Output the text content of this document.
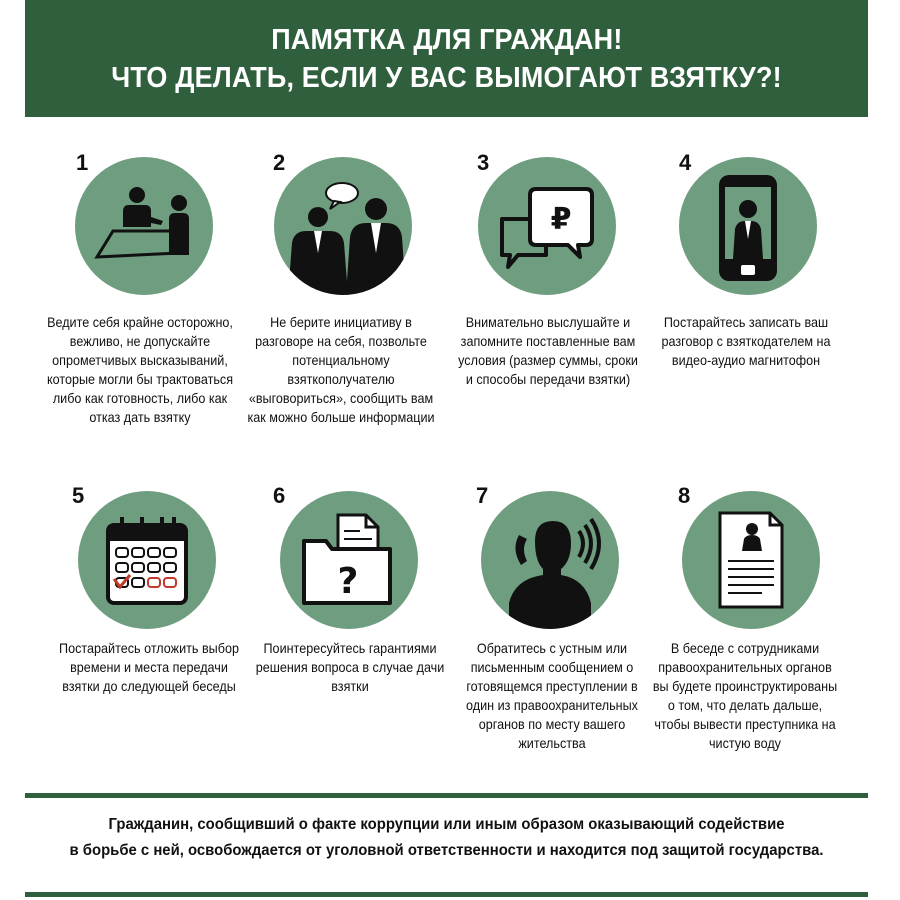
ПАМЯТКА ДЛЯ ГРАЖДАН!
ЧТО ДЕЛАТЬ, ЕСЛИ У ВАС ВЫМОГАЮТ ВЗЯТКУ?!
1
Ведите себя крайне осторожно, вежливо, не допускайте опрометчивых высказываний, которые могли бы трактоваться либо как готовность, либо как отказ дать взятку
2
Не берите инициативу в разговоре на себя, позвольте потенциальному взяткополучателю «выговориться», сообщить вам как можно больше информации
3
₽
Внимательно выслушайте и запомните поставленные вам условия (размер суммы, сроки и способы передачи взятки)
4
Постарайтесь записать ваш разговор с взяткодателем на видео-аудио магнитофон
5
Постарайтесь отложить выбор времени и места передачи взятки до следующей беседы
6
?
Поинтересуйтесь гарантиями решения вопроса в случае дачи взятки
7
Обратитесь с устным или письменным сообщением о готовящемся преступлении в один из правоохранительных органов по месту вашего жительства
8
В беседе с сотрудниками правоохранительных органов вы будете проинструктированы о том, что делать дальше, чтобы вывести преступника на чистую воду
Гражданин, сообщивший о факте коррупции или иным образом оказывающий содействие
в борьбе с ней, освобождается от уголовной ответственности и находится под защитой государства.
